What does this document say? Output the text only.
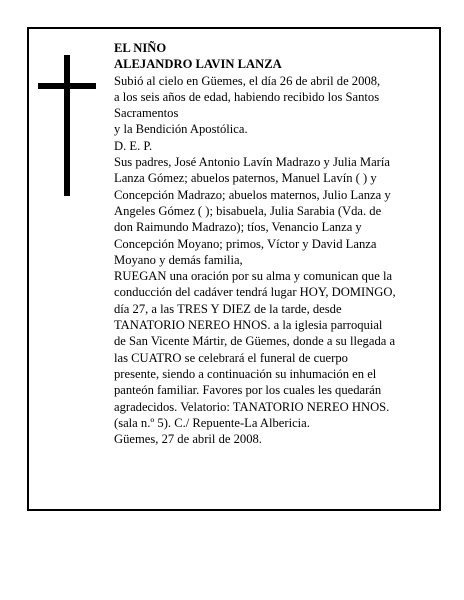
EL NIÑO
ALEJANDRO LAVIN LANZA
Subió al cielo en Güemes, el día 26 de abril de 2008,
a los seis años de edad, habiendo recibido los Santos
Sacramentos
y la Bendición Apostólica.
D. E. P.
Sus padres, José Antonio Lavín Madrazo y Julia María
Lanza Gómez; abuelos paternos, Manuel Lavín ( ) y
Concepción Madrazo; abuelos maternos, Julio Lanza y
Angeles Gómez ( ); bisabuela, Julia Sarabia (Vda. de
don Raimundo Madrazo); tíos, Venancio Lanza y
Concepción Moyano; primos, Víctor y David Lanza
Moyano y demás familia,
RUEGAN una oración por su alma y comunican que la
conducción del cadáver tendrá lugar HOY, DOMINGO,
día 27, a las TRES Y DIEZ de la tarde, desde
TANATORIO NEREO HNOS. a la iglesia parroquial
de San Vicente Mártir, de Güemes, donde a su llegada a
las CUATRO se celebrará el funeral de cuerpo
presente, siendo a continuación su inhumación en el
panteón familiar. Favores por los cuales les quedarán
agradecidos. Velatorio: TANATORIO NEREO HNOS.
(sala n.º 5). C./ Repuente-La Albericia.
Güemes, 27 de abril de 2008.
